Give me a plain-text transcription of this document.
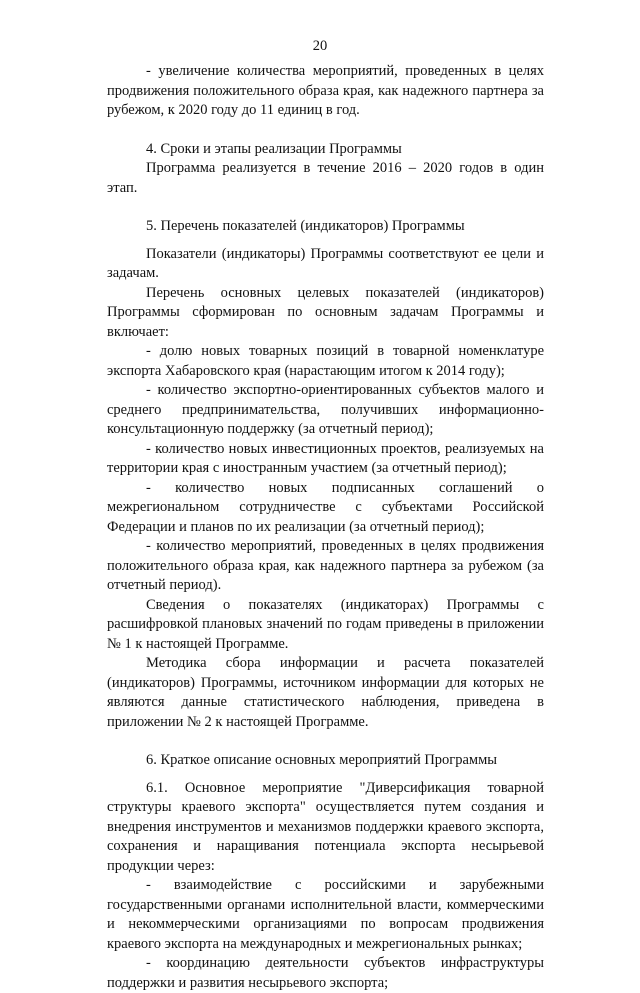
20

- увеличение количества мероприятий, проведенных в целях продвижения положительного образа края, как надежного партнера за рубежом, к 2020 году до 11 единиц в год.

4. Сроки и этапы реализации Программы

Программа реализуется в течение 2016 – 2020 годов в один этап.

5. Перечень показателей (индикаторов) Программы

Показатели (индикаторы) Программы соответствуют ее цели и задачам.

Перечень основных целевых показателей (индикаторов) Программы сформирован по основным задачам Программы и включает:

- долю новых товарных позиций в товарной номенклатуре экспорта Хабаровского края (нарастающим итогом к 2014 году);

- количество экспортно-ориентированных субъектов малого и среднего предпринимательства, получивших информационно-консультационную поддержку (за отчетный период);

- количество новых инвестиционных проектов, реализуемых на территории края с иностранным участием (за отчетный период);

- количество новых подписанных соглашений о межрегиональном сотрудничестве с субъектами Российской Федерации и планов по их реализации (за отчетный период);

- количество мероприятий, проведенных в целях продвижения положительного образа края, как надежного партнера за рубежом (за отчетный период).

Сведения о показателях (индикаторах) Программы с расшифровкой плановых значений по годам приведены в приложении № 1 к настоящей Программе.

Методика сбора информации и расчета показателей (индикаторов) Программы, источником информации для которых не являются данные статистического наблюдения, приведена в приложении № 2 к настоящей Программе.

6. Краткое описание основных мероприятий Программы

6.1. Основное мероприятие "Диверсификация товарной структуры краевого экспорта" осуществляется путем создания и внедрения инструментов и механизмов поддержки краевого экспорта, сохранения и наращивания потенциала экспорта несырьевой продукции через:

- взаимодействие с российскими и зарубежными государственными органами исполнительной власти, коммерческими и некоммерческими организациями по вопросам продвижения краевого экспорта на международных и межрегиональных рынках;

- координацию деятельности субъектов инфраструктуры поддержки и развития несырьевого экспорта;
